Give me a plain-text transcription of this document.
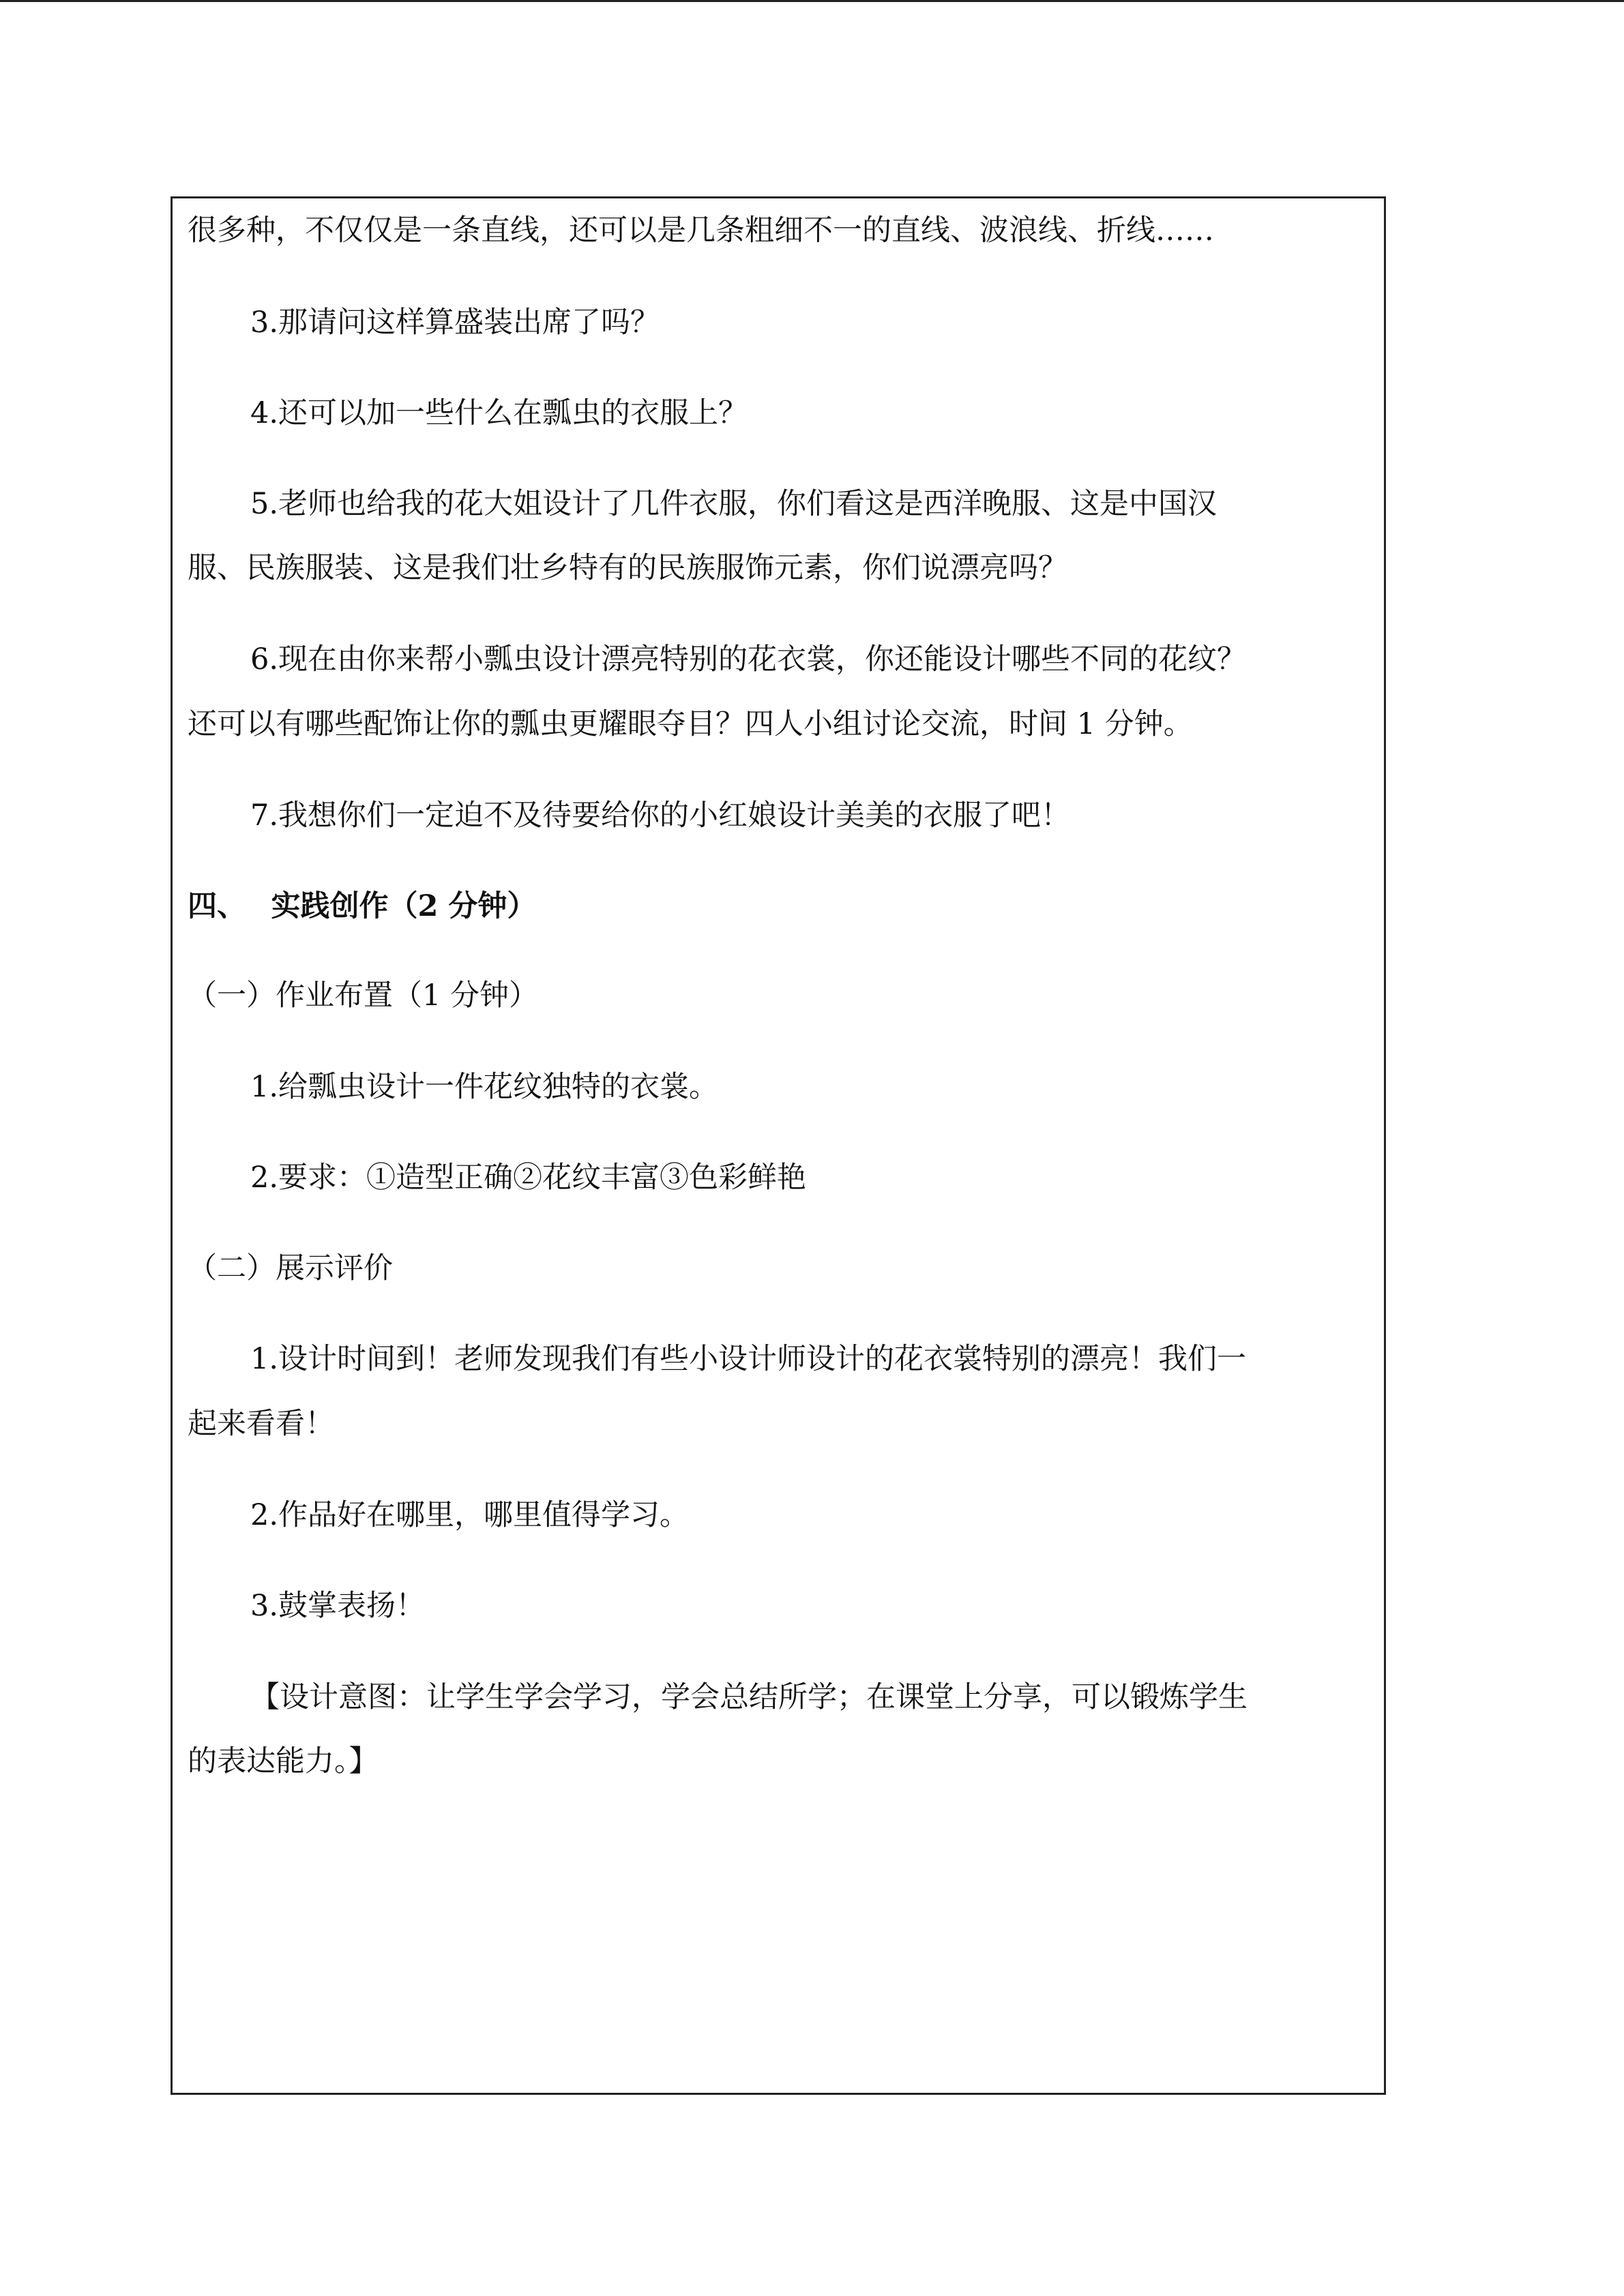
很多种，不仅仅是一条直线，还可以是几条粗细不一的直线、波浪线、折线……
3.那请问这样算盛装出席了吗？
4.还可以加一些什么在瓢虫的衣服上？
5.老师也给我的花大姐设计了几件衣服，你们看这是西洋晚服、这是中国汉
服、民族服装、这是我们壮乡特有的民族服饰元素，你们说漂亮吗？
6.现在由你来帮小瓢虫设计漂亮特别的花衣裳，你还能设计哪些不同的花纹？
还可以有哪些配饰让你的瓢虫更耀眼夺目？四人小组讨论交流，时间 1 分钟。
7.我想你们一定迫不及待要给你的小红娘设计美美的衣服了吧！
四、　 实践创作（2 分钟）
（一）作业布置（1 分钟）
1.给瓢虫设计一件花纹独特的衣裳。
2.要求：①造型正确②花纹丰富③色彩鲜艳
（二）展示评价
1.设计时间到！老师发现我们有些小设计师设计的花衣裳特别的漂亮！我们一
起来看看！
2.作品好在哪里，哪里值得学习。
3.鼓掌表扬！
【设计意图：让学生学会学习，学会总结所学；在课堂上分享，可以锻炼学生
的表达能力。】
